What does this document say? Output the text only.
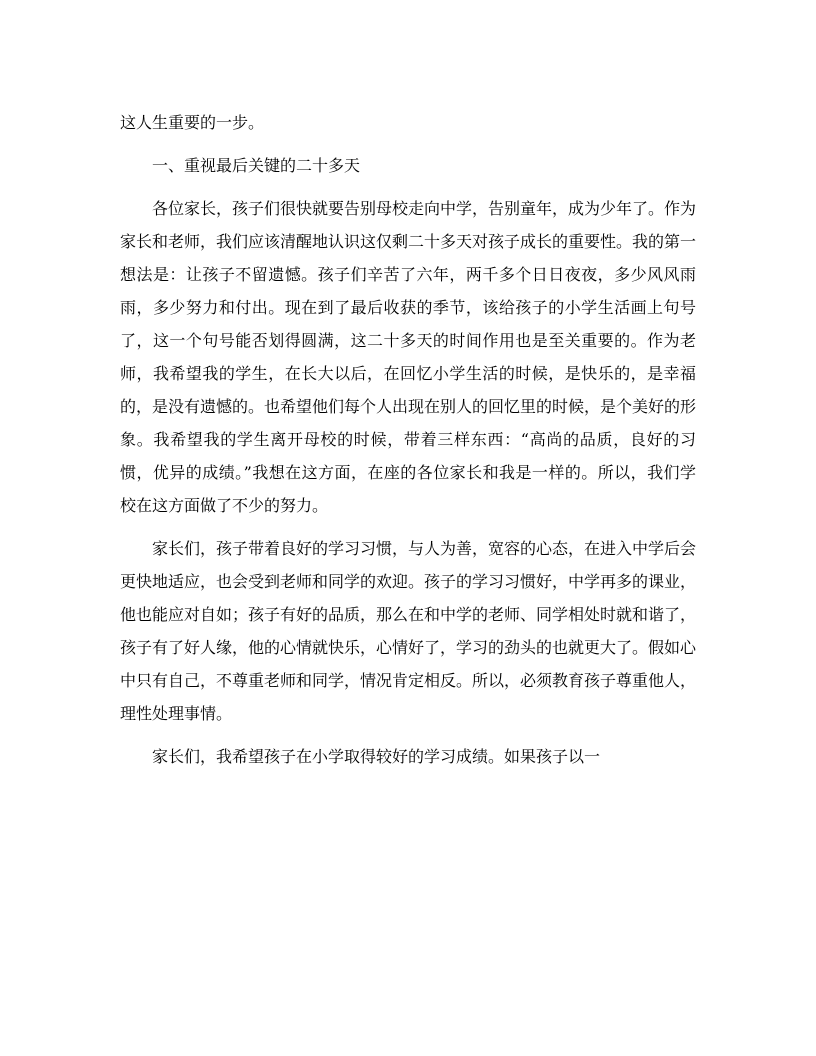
这人生重要的一步。

一、重视最后关键的二十多天

各位家长，孩子们很快就要告别母校走向中学，告别童年，成为少年了。作为家长和老师，我们应该清醒地认识这仅剩二十多天对孩子成长的重要性。我的第一想法是：让孩子不留遗憾。孩子们辛苦了六年，两千多个日日夜夜，多少风风雨雨，多少努力和付出。现在到了最后收获的季节，该给孩子的小学生活画上句号了，这一个句号能否划得圆满，这二十多天的时间作用也是至关重要的。作为老师，我希望我的学生，在长大以后，在回忆小学生活的时候，是快乐的，是幸福的，是没有遗憾的。也希望他们每个人出现在别人的回忆里的时候，是个美好的形象。我希望我的学生离开母校的时候，带着三样东西：“高尚的品质，良好的习惯，优异的成绩。”我想在这方面，在座的各位家长和我是一样的。所以，我们学校在这方面做了不少的努力。

家长们，孩子带着良好的学习习惯，与人为善，宽容的心态，在进入中学后会更快地适应，也会受到老师和同学的欢迎。孩子的学习习惯好，中学再多的课业，他也能应对自如；孩子有好的品质，那么在和中学的老师、同学相处时就和谐了，孩子有了好人缘，他的心情就快乐，心情好了，学习的劲头的也就更大了。假如心中只有自己，不尊重老师和同学，情况肯定相反。所以，必须教育孩子尊重他人，理性处理事情。

家长们，我希望孩子在小学取得较好的学习成绩。如果孩子以一
